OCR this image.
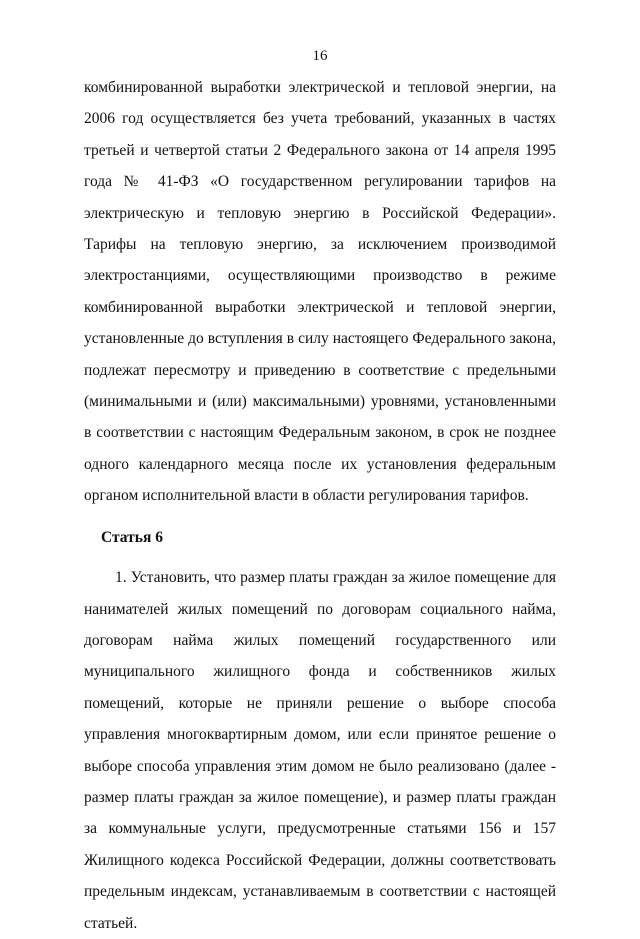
16

комбинированной выработки электрической и тепловой энергии, на 2006 год осуществляется без учета требований, указанных в частях третьей и четвертой статьи 2 Федерального закона от 14 апреля 1995 года № 41-ФЗ «О государственном регулировании тарифов на электрическую и тепловую энергию в Российской Федерации». Тарифы на тепловую энергию, за исключением производимой электростанциями, осуществляющими производство в режиме комбинированной выработки электрической и тепловой энергии, установленные до вступления в силу настоящего Федерального закона, подлежат пересмотру и приведению в соответствие с предельными (минимальными и (или) максимальными) уровнями, установленными в соответствии с настоящим Федеральным законом, в срок не позднее одного календарного месяца после их установления федеральным органом исполнительной власти в области регулирования тарифов.

Статья 6

1. Установить, что размер платы граждан за жилое помещение для нанимателей жилых помещений по договорам социального найма, договорам найма жилых помещений государственного или муниципального жилищного фонда и собственников жилых помещений, которые не приняли решение о выборе способа управления многоквартирным домом, или если принятое решение о выборе способа управления этим домом не было реализовано (далее - размер платы граждан за жилое помещение), и размер платы граждан за коммунальные услуги, предусмотренные статьями 156 и 157 Жилищного кодекса Российской Федерации, должны соответствовать предельным индексам, устанавливаемым в соответствии с настоящей статьей.
